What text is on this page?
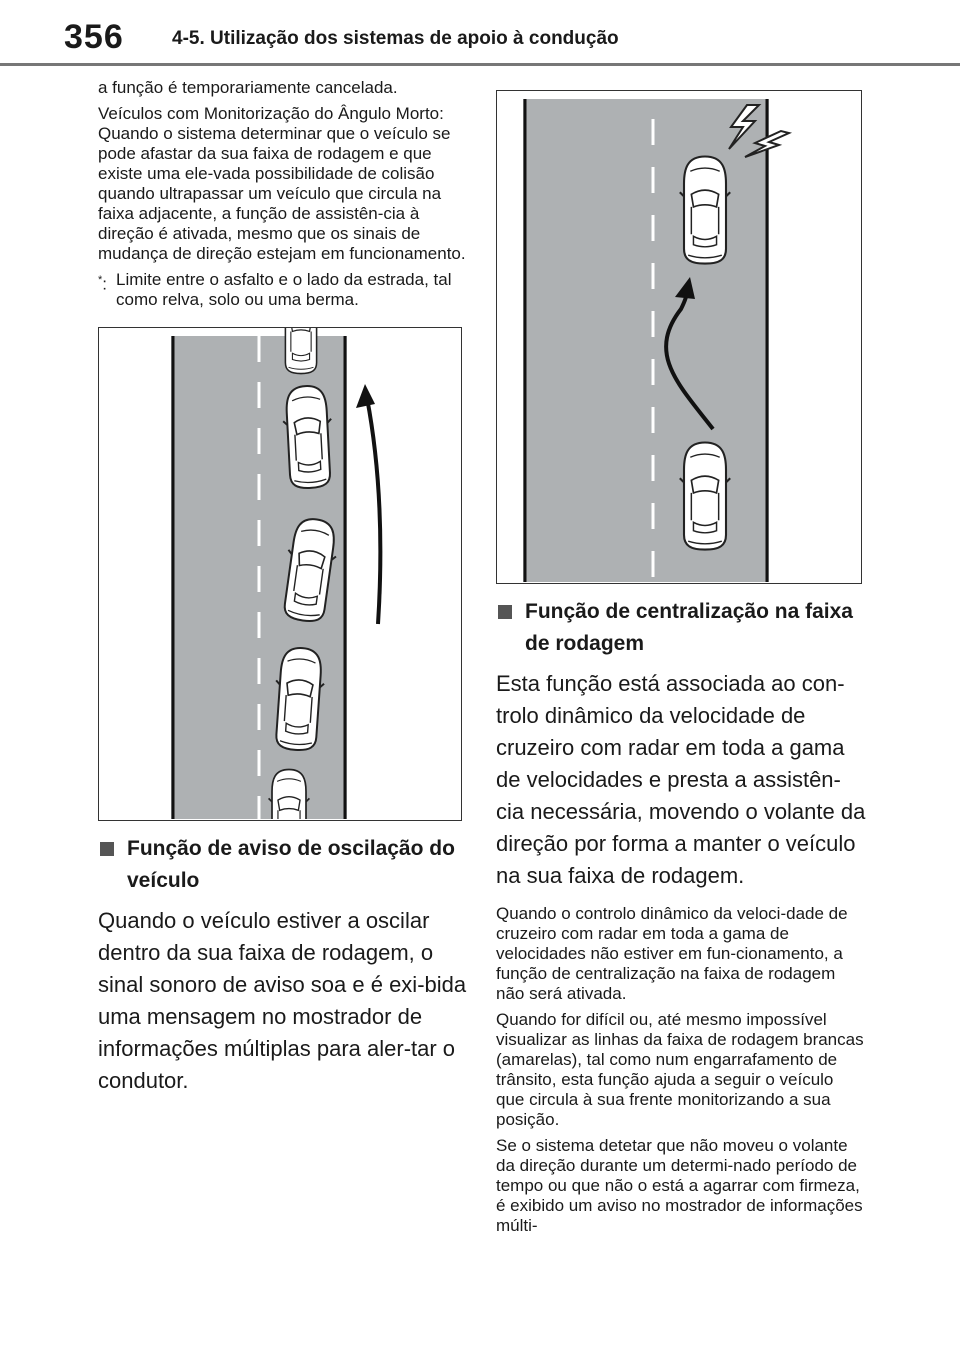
356	4-5. Utilização dos sistemas de apoio à condução

a função é temporariamente cancelada.

Veículos com Monitorização do Ângulo Morto: Quando o sistema determinar que o veículo se pode afastar da sua faixa de rodagem e que existe uma ele-vada possibilidade de colisão quando ultrapassar um veículo que circula na faixa adjacente, a função de assistên-cia à direção é ativada, mesmo que os sinais de mudança de direção estejam em funcionamento.

*: Limite entre o asfalto e o lado da estrada, tal como relva, solo ou uma berma.
Função de aviso de oscilação do veículo

Quando o veículo estiver a oscilar dentro da sua faixa de rodagem, o sinal sonoro de aviso soa e é exi-bida uma mensagem no mostrador de informações múltiplas para aler-tar o condutor.

Função de centralização na faixa de rodagem

Esta função está associada ao con-trolo dinâmico da velocidade de cruzeiro com radar em toda a gama de velocidades e presta a assistên-cia necessária, movendo o volante da direção por forma a manter o veículo na sua faixa de rodagem.

Quando o controlo dinâmico da veloci-dade de cruzeiro com radar em toda a gama de velocidades não estiver em fun-cionamento, a função de centralização na faixa de rodagem não será ativada.

Quando for difícil ou, até mesmo impossível visualizar as linhas da faixa de rodagem brancas (amarelas), tal como num engarrafamento de trânsito, esta função ajuda a seguir o veículo que circula à sua frente monitorizando a sua posição.

Se o sistema detetar que não moveu o volante da direção durante um determi-nado período de tempo ou que não o está a agarrar com firmeza, é exibido um aviso no mostrador de informações múlti-
